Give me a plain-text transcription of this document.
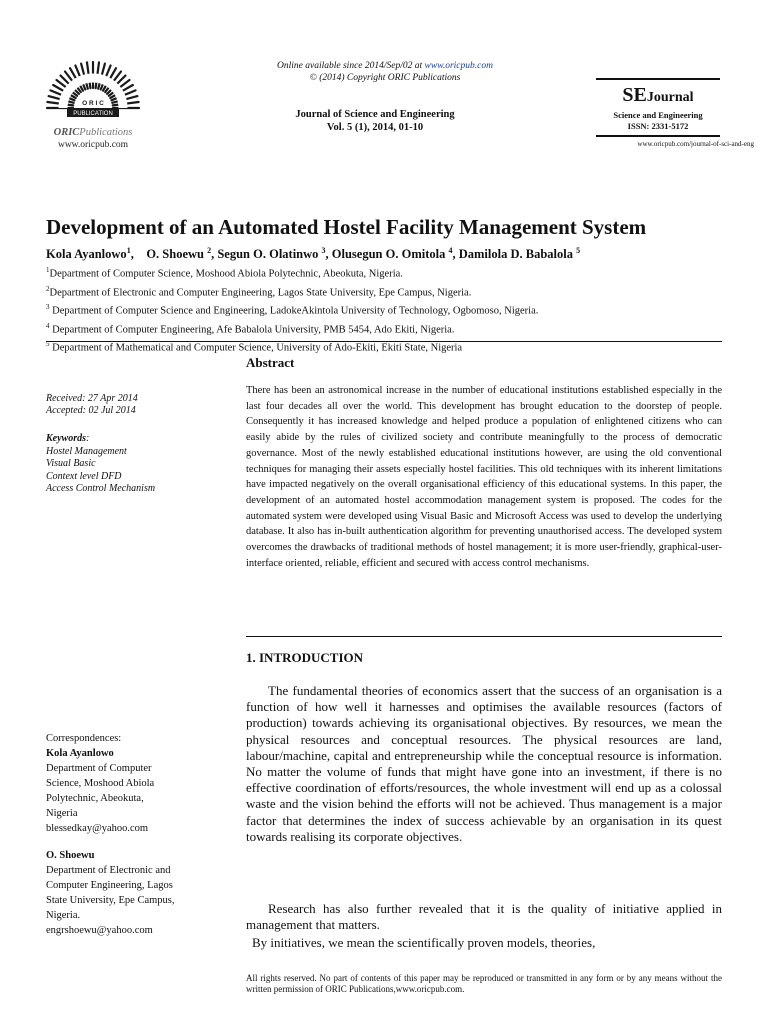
O R I C
PUBLICATION
ORICPublications
www.oricpub.com
Online available since 2014/Sep/02 at www.oricpub.com
© (2014) Copyright ORIC Publications
Journal of Science and Engineering
Vol. 5 (1), 2014, 01-10
SEJournal
Science and Engineering
ISSN: 2331-5172
www.oricpub.com/journal-of-sci-and-eng
Development of an Automated Hostel Facility Management System
Kola Ayanlowo$^1$,    O. Shoewu $^2$, Segun O. Olatinwo $^3$, Olusegun O. Omitola $^4$, Damilola D. Babalola $^5$
$^1$Department of Computer Science, Moshood Abiola Polytechnic, Abeokuta, Nigeria.
$^2$Department of Electronic and Computer Engineering, Lagos State University, Epe Campus, Nigeria.
$^3$ Department of Computer Science and Engineering, LadokeAkintola University of Technology, Ogbomoso, Nigeria.
$^4$ Department of Computer Engineering, Afe Babalola University, PMB 5454, Ado Ekiti, Nigeria.
$^5$ Department of Mathematical and Computer Science, University of Ado-Ekiti, Ekiti State, Nigeria
Received: 27 Apr 2014
Accepted: 02 Jul 2014
Keywords:
Hostel Management
Visual Basic
Context level DFD
Access Control Mechanism
Correspondences:
Kola Ayanlowo
Department of Computer
Science, Moshood Abiola
Polytechnic, Abeokuta,
Nigeria
blessedkay@yahoo.com
O. Shoewu
Department of Electronic and
Computer Engineering, Lagos
State University, Epe Campus,
Nigeria.
engrshoewu@yahoo.com
Abstract
There has been an astronomical increase in the number of educational institutions established especially in the last four decades all over the world. This development has brought education to the doorstep of people. Consequently it has increased knowledge and helped produce a population of enlightened citizens who can easily abide by the rules of civilized society and contribute meaningfully to the process of democratic governance. Most of the newly established educational institutions however, are using the old conventional techniques for managing their assets especially hostel facilities. This old techniques with its inherent limitations have impacted negatively on the overall organisational efficiency of this educational systems. In this paper, the development of an automated hostel accommodation management system is proposed. The codes for the automated system were developed using Visual Basic and Microsoft Access was used to develop the underlying database. It also has in-built authentication algorithm for preventing unauthorised access. The developed system overcomes the drawbacks of traditional methods of hostel management; it is more user-friendly, graphical-user-interface oriented, reliable, efficient and secured with access control mechanisms.
1. INTRODUCTION
The fundamental theories of economics assert that the success of an organisation is a function of how well it harnesses and optimises the available resources (factors of production) towards achieving its organisational objectives. By resources, we mean the physical resources and conceptual resources. The physical resources are land, labour/machine, capital and entrepreneurship while the conceptual resource is information. No matter the volume of funds that might have gone into an investment, if there is no effective coordination of efforts/resources, the whole investment will end up as a colossal waste and the vision behind the efforts will not be achieved. Thus management is a major factor that determines the index of success achievable by an organisation in its quest towards realising its corporate objectives.
Research has also further revealed that it is the quality of initiative applied in management that matters.
By initiatives, we mean the scientifically proven models, theories,
All rights reserved. No part of contents of this paper may be reproduced or transmitted in any form or by any means without the written permission of ORIC Publications,www.oricpub.com.
